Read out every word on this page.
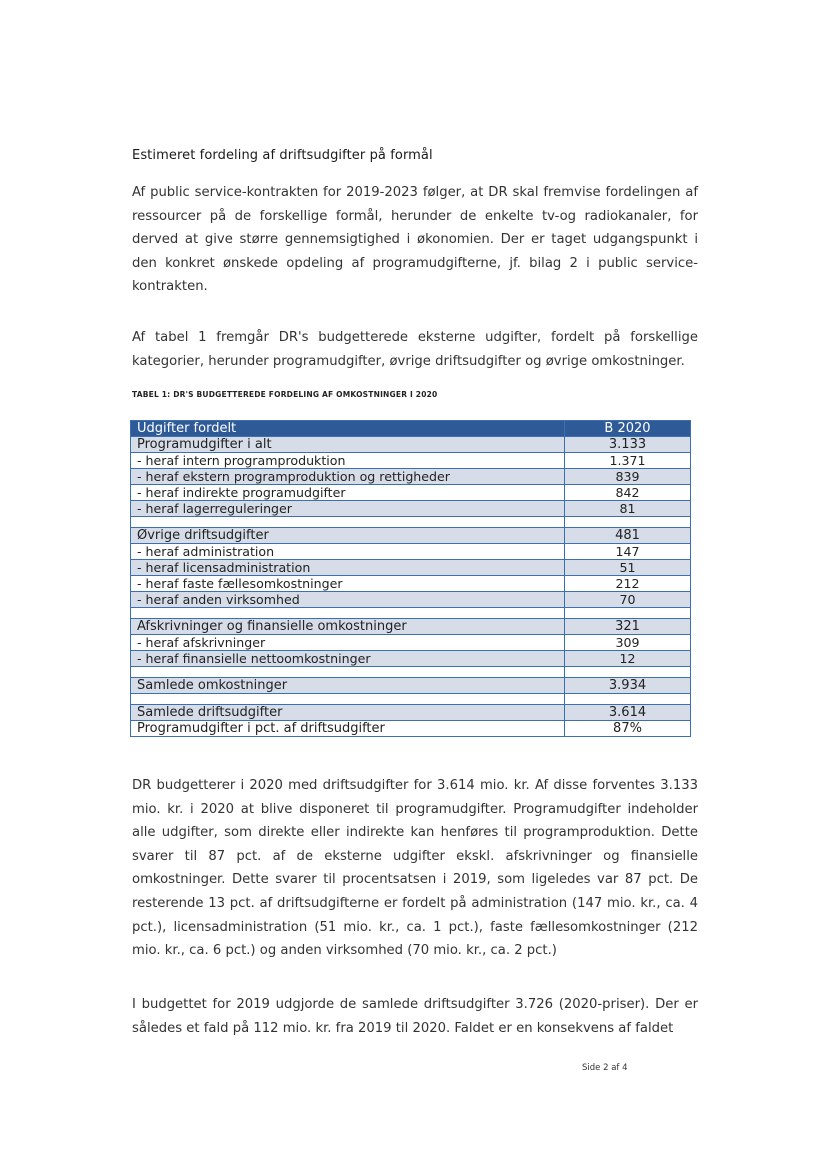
Estimeret fordeling af driftsudgifter på formål

Af public service-kontrakten for 2019-2023 følger, at DR skal fremvise fordelingen af ressourcer på de forskellige formål, herunder de enkelte tv-og radiokanaler, for derved at give større gennemsigtighed i økonomien. Der er taget udgangspunkt i den konkret ønskede opdeling af programudgifterne, jf. bilag 2 i public service-kontrakten.

Af tabel 1 fremgår DR's budgetterede eksterne udgifter, fordelt på forskellige kategorier, herunder programudgifter, øvrige driftsudgifter og øvrige omkostninger.

TABEL 1: DR'S BUDGETTEREDE FORDELING AF OMKOSTNINGER I 2020

Udgifter fordelt	B 2020
Programudgifter i alt	3.133
- heraf intern programproduktion	1.371
- heraf ekstern programproduktion og rettigheder	839
- heraf indirekte programudgifter	842
- heraf lagerreguleringer	81

Øvrige driftsudgifter	481
- heraf administration	147
- heraf licensadministration	51
- heraf faste fællesomkostninger	212
- heraf anden virksomhed	70

Afskrivninger og finansielle omkostninger	321
- heraf afskrivninger	309
- heraf finansielle nettoomkostninger	12

Samlede omkostninger	3.934

Samlede driftsudgifter	3.614
Programudgifter i pct. af driftsudgifter	87%

DR budgetterer i 2020 med driftsudgifter for 3.614 mio. kr. Af disse forventes 3.133 mio. kr. i 2020 at blive disponeret til programudgifter. Programudgifter indeholder alle udgifter, som direkte eller indirekte kan henføres til programproduktion. Dette svarer til 87 pct. af de eksterne udgifter ekskl. afskrivninger og finansielle omkostninger. Dette svarer til procentsatsen i 2019, som ligeledes var 87 pct. De resterende 13 pct. af driftsudgifterne er fordelt på administration (147 mio. kr., ca. 4 pct.), licensadministration (51 mio. kr., ca. 1 pct.), faste fællesomkostninger (212 mio. kr., ca. 6 pct.) og anden virksomhed (70 mio. kr., ca. 2 pct.)

I budgettet for 2019 udgjorde de samlede driftsudgifter 3.726 (2020-priser). Der er således et fald på 112 mio. kr. fra 2019 til 2020. Faldet er en konsekvens af faldet

Side 2 af 4
